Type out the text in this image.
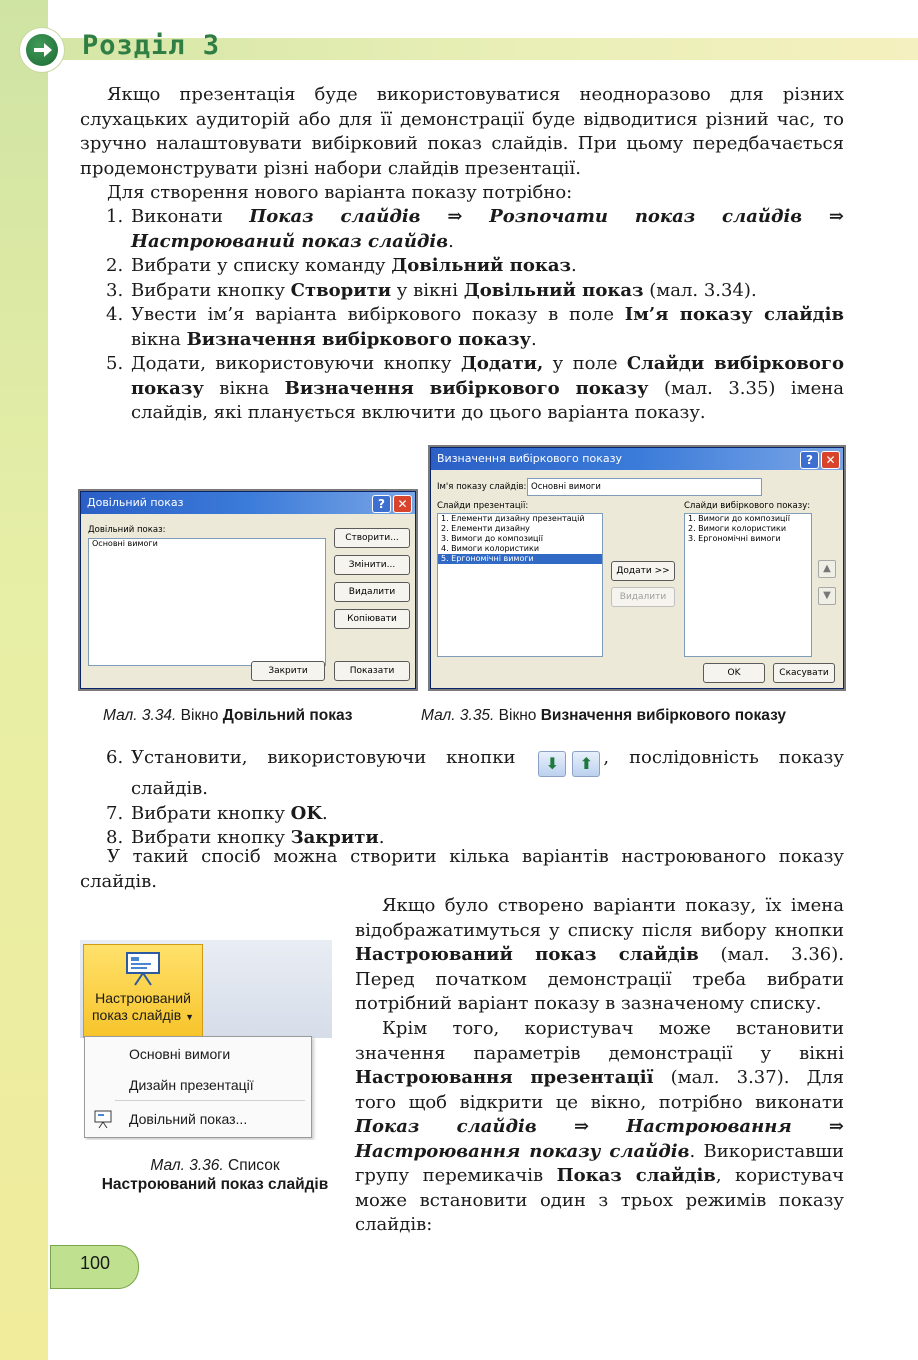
Розділ 3
Якщо презентація буде використовуватися неодноразово для різних слухацьких аудиторій або для її демонстрації буде відводитися різний час, то зручно налаштовувати вибірковий показ слайдів. При цьому передбачається продемонструвати різні набори слайдів презентації.
Для створення нового варіанта показу потрібно:
1. Виконати Показ слайдів ⇒ Розпочати показ слайдів ⇒ Настроюваний показ слайдів.
2. Вибрати у списку команду Довільний показ.
3. Вибрати кнопку Створити у вікні Довільний показ (мал. 3.34).
4. Увести ім’я варіанта вибіркового показу в поле Ім’я показу слайдів вікна Визначення вибіркового показу.
5. Додати, використовуючи кнопку Додати, у поле Слайди вибіркового показу вікна Визначення вибіркового показу (мал. 3.35) імена слайдів, які планується включити до цього варіанта показу.
Довільний показ	?	✕
Довільний показ:
Основні вимоги
Створити...
Змінити...
Видалити
Копіювати
Закрити	Показати
Визначення вибіркового показу	?	✕
Ім'я показу слайдів: Основні вимоги
Слайди презентації:
1. Елементи дизайну презентацій
2. Елементи дизайну
3. Вимоги до композиції
4. Вимоги колористики
5. Ергономічні вимоги
Додати >>
Видалити
Слайди вибіркового показу:
1. Вимоги до композиції
2. Вимоги колористики
3. Ергономічні вимоги
▲
▼
OK	Скасувати
Мал. 3.34. Вікно Довільний показ	Мал. 3.35. Вікно Визначення вибіркового показу
6. Установити, використовуючи кнопки ⬇ ⬆ , послідовність показу слайдів.
7. Вибрати кнопку OK.
8. Вибрати кнопку Закрити.
У такий спосіб можна створити кілька варіантів настроюваного показу слайдів.
Настроюваний
показ слайдів ▼
Основні вимоги
Дизайн презентації
Довільний показ...
Мал. 3.36. Список
Настроюваний показ слайдів
Якщо було створено варіанти показу, їх імена відображатимуться у списку після вибору кнопки Настроюваний показ слайдів (мал. 3.36). Перед початком демонстрації треба вибрати потрібний варіант показу в зазначеному списку.
Крім того, користувач може встановити значення параметрів демонстрації у вікні Настроювання презентації (мал. 3.37). Для того щоб відкрити це вікно, потрібно виконати Показ слайдів ⇒ Настроювання ⇒ Настроювання показу слайдів. Використавши групу перемикачів Показ слайдів, користувач може встановити один з трьох режимів показу слайдів:
100
